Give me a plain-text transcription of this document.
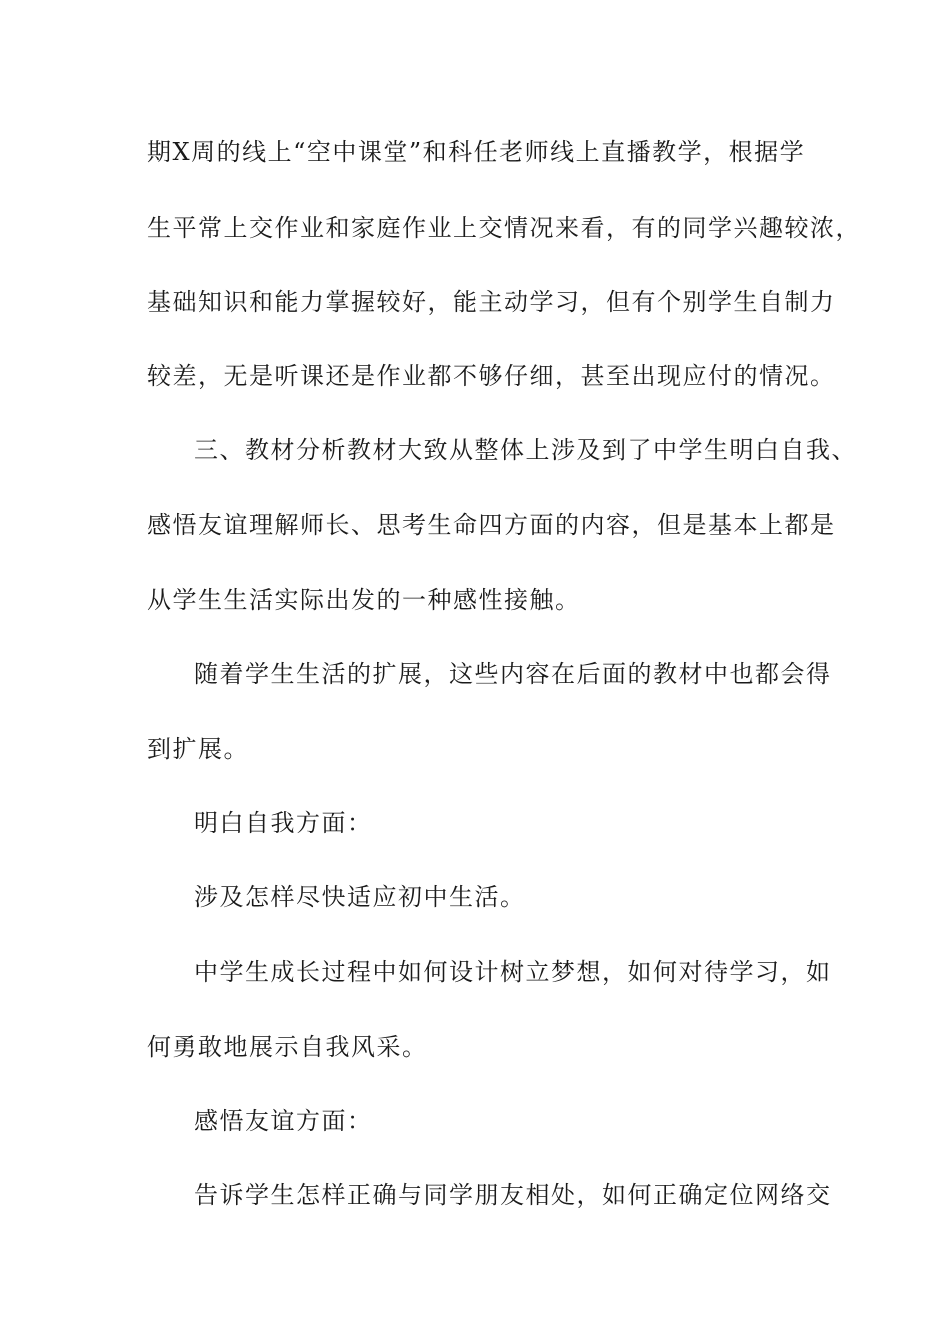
期X周的线上“空中课堂”和科任老师线上直播教学，根据学
生平常上交作业和家庭作业上交情况来看，有的同学兴趣较浓，
基础知识和能力掌握较好，能主动学习，但有个别学生自制力
较差，无是听课还是作业都不够仔细，甚至出现应付的情况。
三、教材分析教材大致从整体上涉及到了中学生明白自我、
感悟友谊理解师长、思考生命四方面的内容，但是基本上都是
从学生生活实际出发的一种感性接触。
随着学生生活的扩展，这些内容在后面的教材中也都会得
到扩展。
明白自我方面：
涉及怎样尽快适应初中生活。
中学生成长过程中如何设计树立梦想，如何对待学习，如
何勇敢地展示自我风采。
感悟友谊方面：
告诉学生怎样正确与同学朋友相处，如何正确定位网络交
